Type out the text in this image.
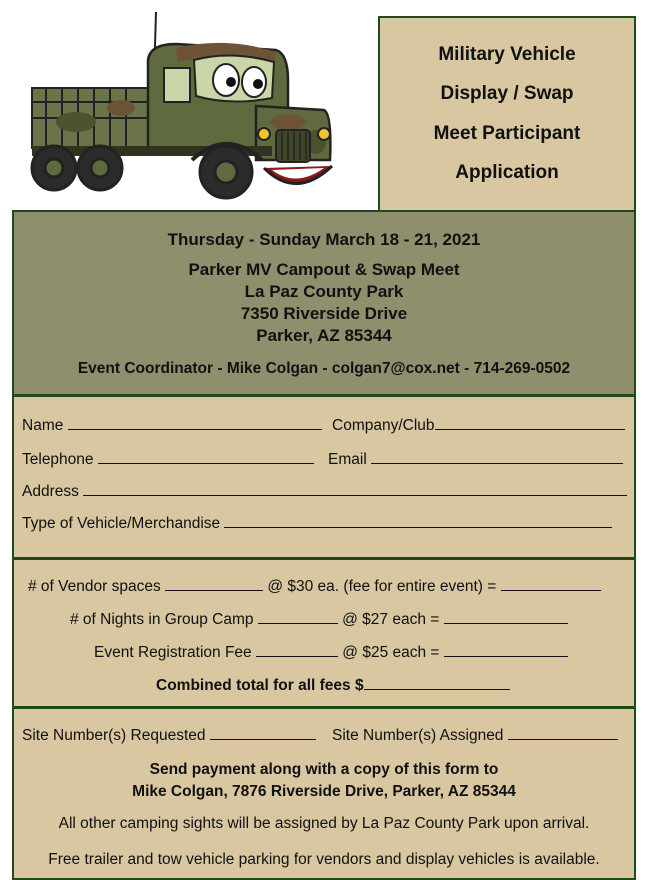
Military Vehicle
Display / Swap
Meet Participant
Application
Thursday - Sunday March 18 - 21, 2021
Parker MV Campout & Swap Meet
La Paz County Park
7350 Riverside Drive
Parker, AZ 85344
Event Coordinator - Mike Colgan - colgan7@cox.net - 714-269-0502
Name	Company/Club
Telephone	Email
Address
Type of Vehicle/Merchandise
# of Vendor spaces	@ $30 ea. (fee for entire event) =
# of Nights in Group Camp	@ $27 each =
Event Registration Fee	@ $25 each =
Combined total for all fees $
Site Number(s) Requested	Site Number(s) Assigned
Send payment along with a copy of this form to
Mike Colgan, 7876 Riverside Drive, Parker, AZ 85344
All other camping sights will be assigned by La Paz County Park upon arrival.
Free trailer and tow vehicle parking for vendors and display vehicles is available.
